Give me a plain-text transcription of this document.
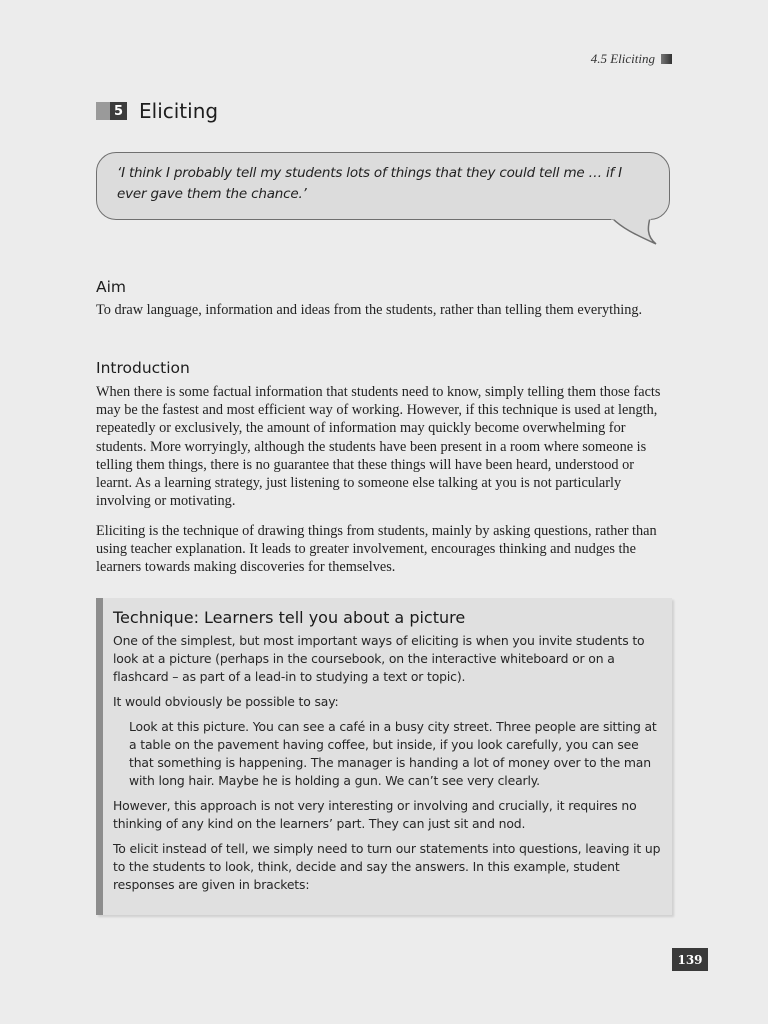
4.5 Eliciting
5 Eliciting
‘I think I probably tell my students lots of things that they could tell me … if I ever gave them the chance.’
Aim

To draw language, information and ideas from the students, rather than telling them everything.

Introduction

When there is some factual information that students need to know, simply telling them those facts may be the fastest and most efficient way of working. However, if this technique is used at length, repeatedly or exclusively, the amount of information may quickly become overwhelming for students. More worryingly, although the students have been present in a room where someone is telling them things, there is no guarantee that these things will have been heard, understood or learnt. As a learning strategy, just listening to someone else talking at you is not particularly involving or motivating.

Eliciting is the technique of drawing things from students, mainly by asking questions, rather than using teacher explanation. It leads to greater involvement, encourages thinking and nudges the learners towards making discoveries for themselves.

Technique: Learners tell you about a picture

One of the simplest, but most important ways of eliciting is when you invite students to look at a picture (perhaps in the coursebook, on the interactive whiteboard or on a flashcard – as part of a lead-in to studying a text or topic).

It would obviously be possible to say:

Look at this picture. You can see a café in a busy city street. Three people are sitting at a table on the pavement having coffee, but inside, if you look carefully, you can see that something is happening. The manager is handing a lot of money over to the man with long hair. Maybe he is holding a gun. We can’t see very clearly.

However, this approach is not very interesting or involving and crucially, it requires no thinking of any kind on the learners’ part. They can just sit and nod.

To elicit instead of tell, we simply need to turn our statements into questions, leaving it up to the students to look, think, decide and say the answers. In this example, student responses are given in brackets:

139
